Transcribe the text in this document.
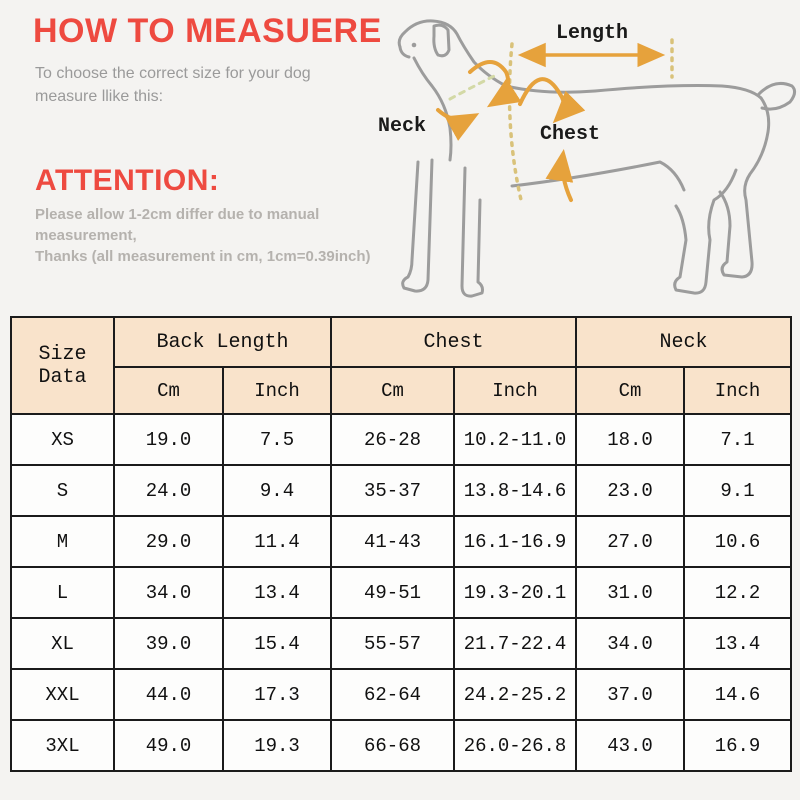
HOW TO MEASUERE
To choose the correct size for your dog measure llike this:
ATTENTION:
Please allow 1-2cm differ due to manual measurement,
Thanks (all measurement in cm, 1cm=0.39inch)
Length
Neck	Chest
Size Data	Back Length		Chest		Neck	
	Cm	Inch	Cm	Inch	Cm	Inch
XS	19.0	7.5	26-28	10.2-11.0	18.0	7.1
S	24.0	9.4	35-37	13.8-14.6	23.0	9.1
M	29.0	11.4	41-43	16.1-16.9	27.0	10.6
L	34.0	13.4	49-51	19.3-20.1	31.0	12.2
XL	39.0	15.4	55-57	21.7-22.4	34.0	13.4
XXL	44.0	17.3	62-64	24.2-25.2	37.0	14.6
3XL	49.0	19.3	66-68	26.0-26.8	43.0	16.9
